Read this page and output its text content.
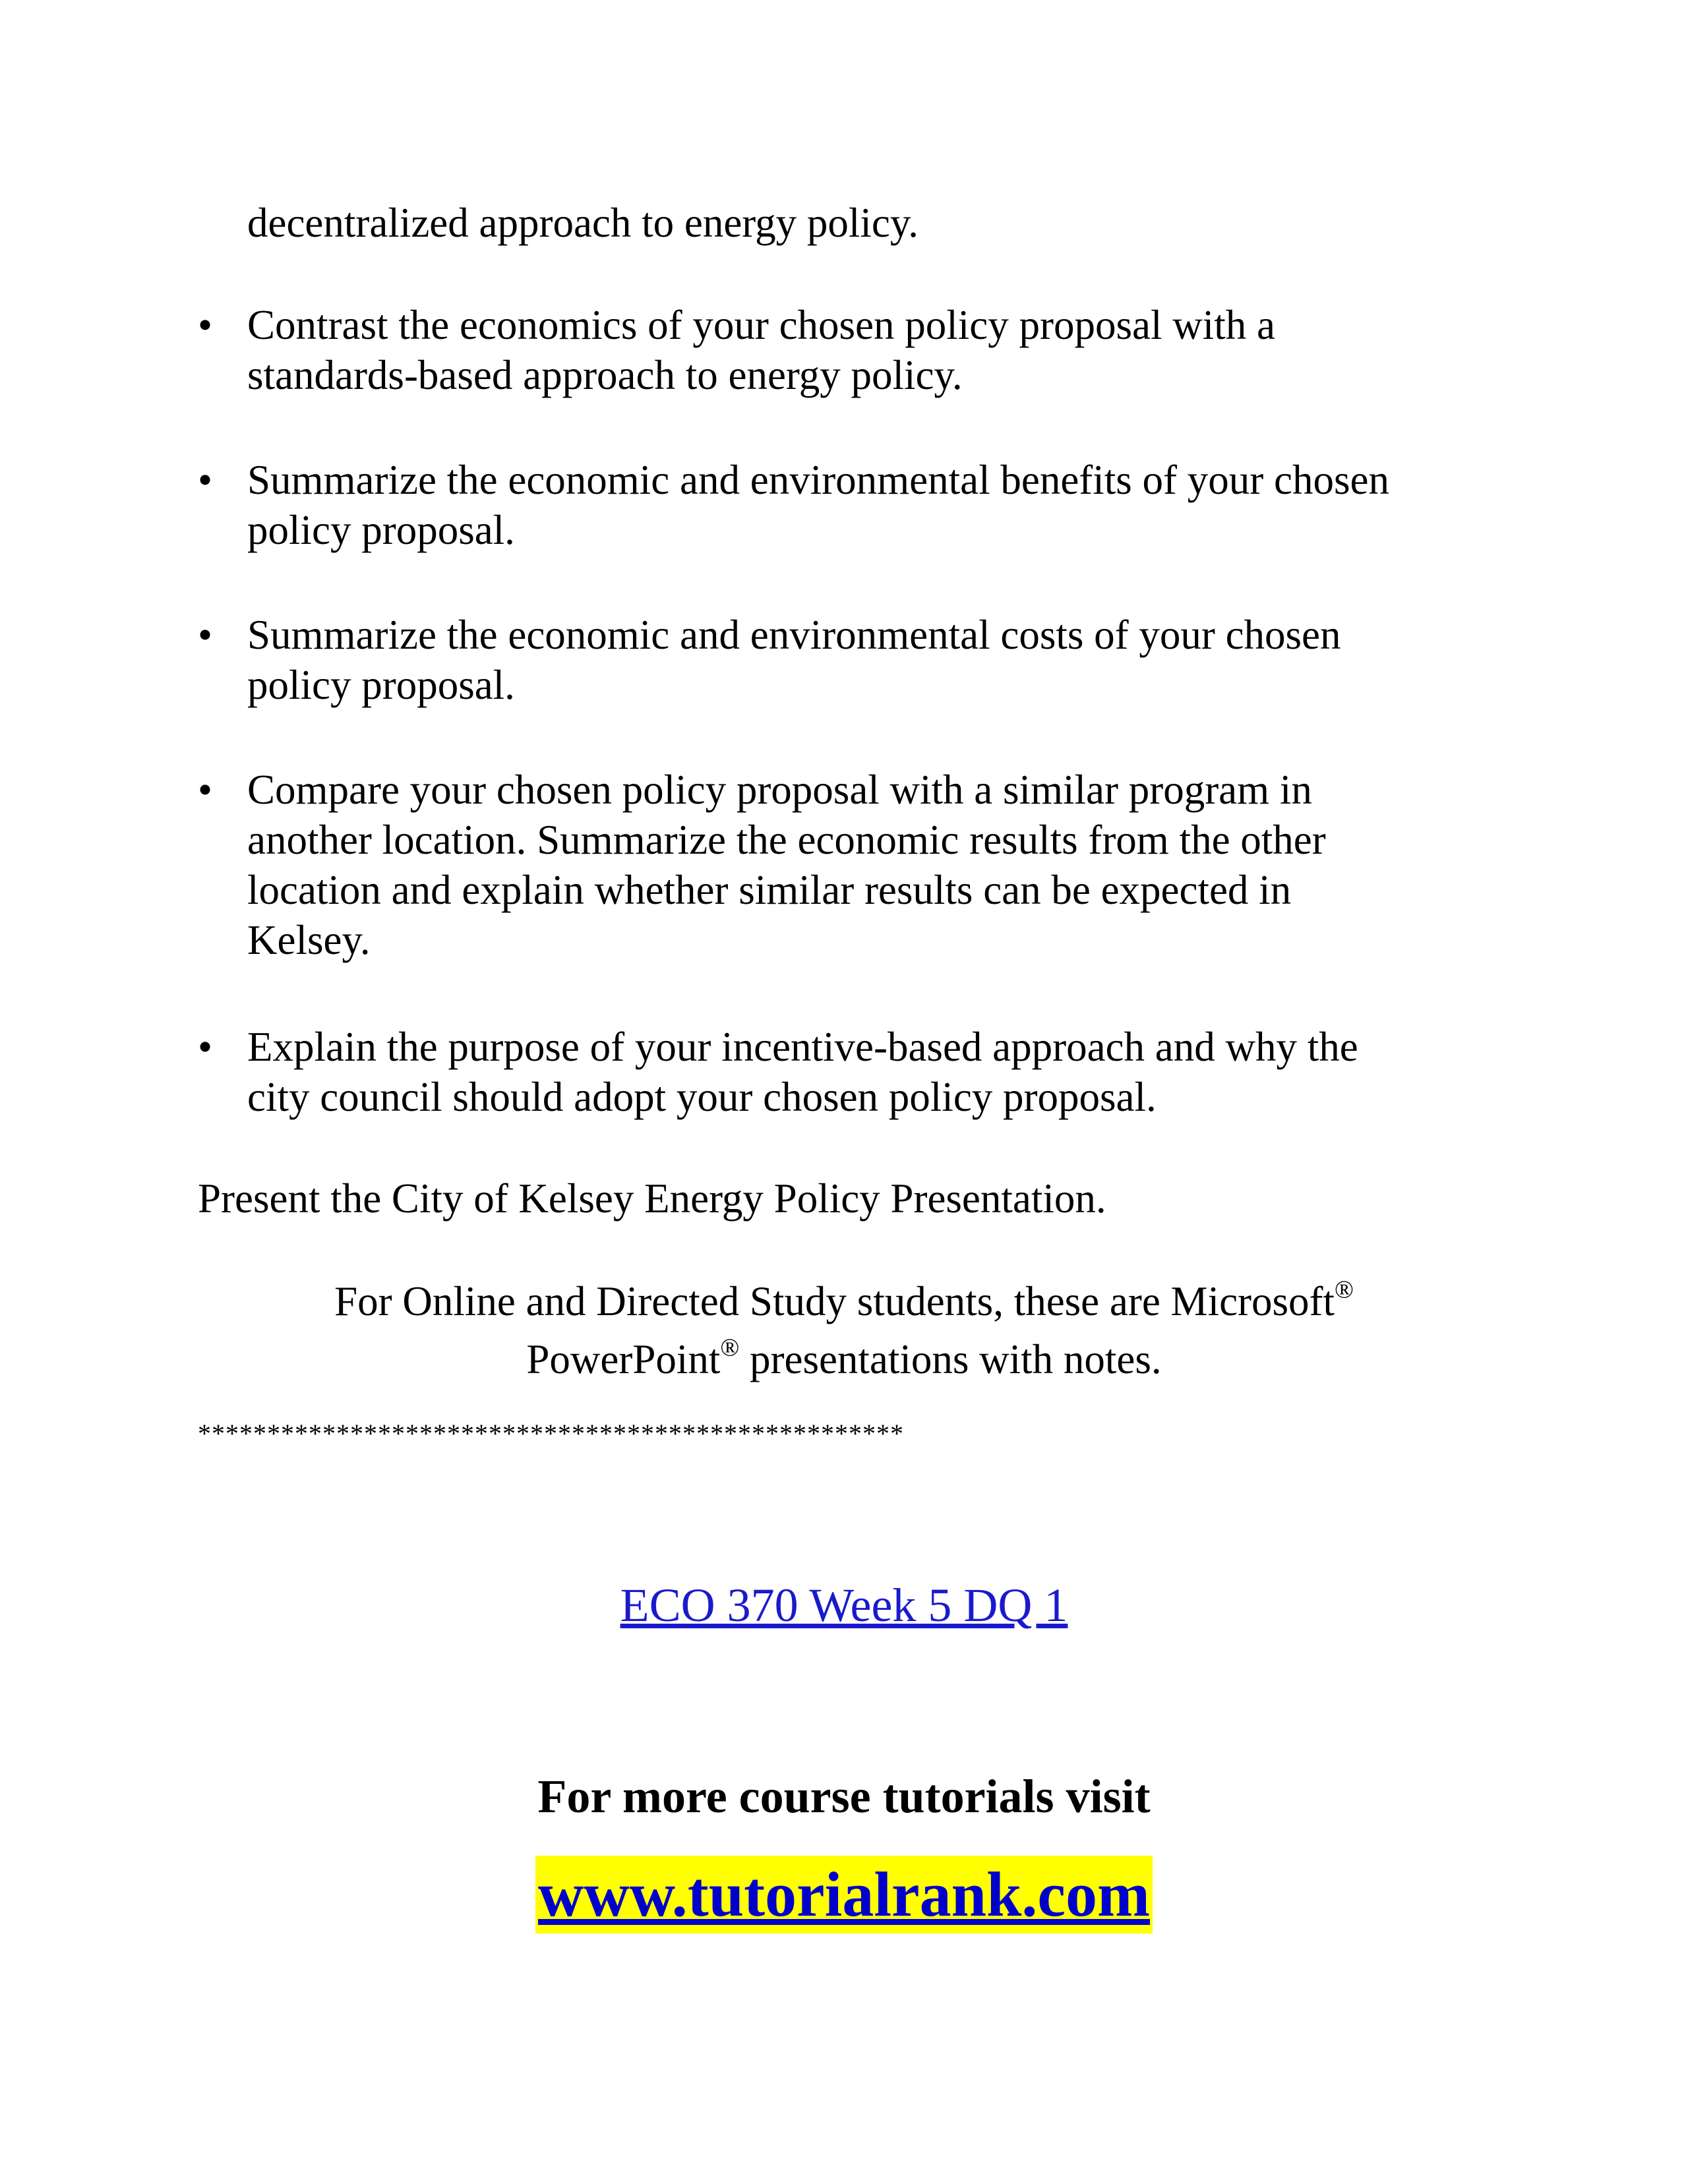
decentralized approach to energy policy.
• Contrast the economics of your chosen policy proposal with a
standards-based approach to energy policy.
• Summarize the economic and environmental benefits of your chosen
policy proposal.
• Summarize the economic and environmental costs of your chosen
policy proposal.
• Compare your chosen policy proposal with a similar program in
another location. Summarize the economic results from the other
location and explain whether similar results can be expected in
Kelsey.
• Explain the purpose of your incentive-based approach and why the
city council should adopt your chosen policy proposal.
Present the City of Kelsey Energy Policy Presentation.
For Online and Directed Study students, these are Microsoft®
PowerPoint® presentations with notes.
***************************************************
ECO 370 Week 5 DQ 1
For more course tutorials visit
www.tutorialrank.com
